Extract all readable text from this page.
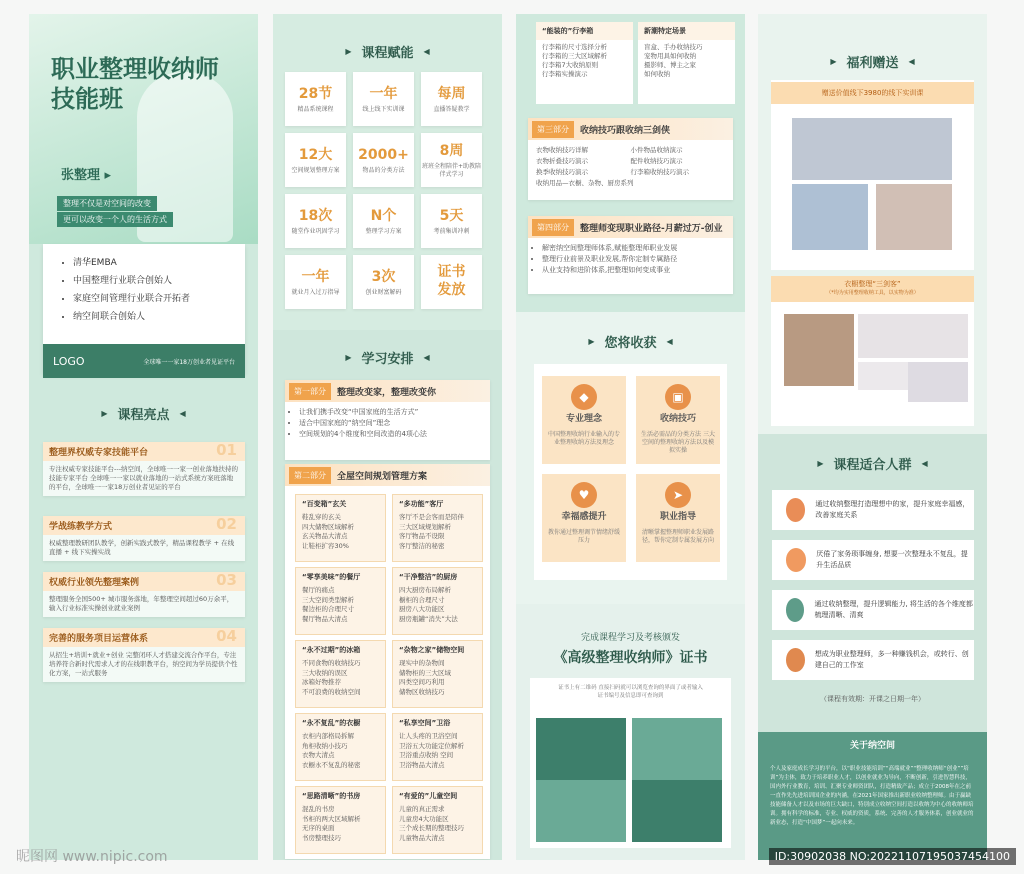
职业整理收纳师
技能班
张整理 ▸
整理不仅是对空间的改变
更可以改变一个人的生活方式
• 清华EMBA
• 中国整理行业联合创始人
• 家庭空间管理行业联合开拓者
• 纳空间联合创始人
LOGO	全球唯一一家18万创业者见证平台
▶ 课程亮点 ◀
整理界权威专家技能平台	01
专注权威专家技能平台---纳空间，全球唯一一家一创业落地扶持的技能专家平台 全球唯一一家以就业落地的一站式系统方案班落地的平台，全球唯一一家18万创业者见证的平台
学战练教学方式	02
权威整理教研团队教学，创新实践式教学，精品课程教学 + 在线直播 + 线下实操实战
权威行业领先整理案例	03
整理服务全国500+ 城市服务落地，年整理空间超过60万余平，输入行业标准实操创业就业案例
完善的服务项目运营体系	04
从招生+培训+就业+创业 完整闭环人才搭建交流合作平台，专注培养符合新时代需求人才的在线职教平台，纳空间为学员提供个性化方案，一站式服务
▶ 课程赋能 ◀
28节
精品系统课程
一年
线上线下实训课
每周
直播答疑教学
12大
空间规划整理方案
2000+
物品的分类方法
8周
班班全程陪伴+助教陪伴式学习
18次
随堂作业巩固学习
N个
整理学习方案
5天
考前集训冲刺
一年
就业月入过万指导
3次
创业财富解码
证书发放
▶ 学习安排 ◀
第一部分	整理改变家，整理改变你
• 让我们携手改变“中国家庭的生活方式”
• 适合中国家庭的“纳空间”理念
• 空间规划的4个维度和空间改造的4项心法
第二部分	全屋空间规划管理方案
“百变箱”玄关
鞋乱穿的玄关
四大储物区域解析
玄关物品大清点
让鞋柜扩容30%
“多功能”客厅
客厅不是会客而是陪伴
三大区域规划解析
客厅物品不设限
客厅整洁的秘密
“零享美味”的餐厅
餐厅的痛点
三大空间类型解析
餐边柜的合理尺寸
餐厅物品大清点
“干净整洁”的厨房
四大厨房布局解析
橱柜的合理尺寸
厨房八大功能区
厨房瓶罐“消失”大法
“永不过期”的冰箱
不同食物的收纳技巧
三大收纳的误区
冰箱好物推荐
不可浪费的收纳空间
“杂物之家”储物空间
现实中的杂物间
储物柜的三大区域
四类空间巧利用
储物区收纳技巧
“永不复乱”的衣橱
衣柜内部格局拆解
角柜收纳小技巧
衣物大清点
衣橱永不复乱的秘密
“私享空间”卫浴
让人头疼的卫浴空间
卫浴五大功能定位解析
卫浴重点收纳 空间
卫浴物品大清点
“思路清晰”的书房
混乱的书房
书柜的两大区域解析
无序的桌面
书房整理技巧
“有爱的”儿童空间
儿童的真正需求
儿童房4大功能区
三个成长期的整理技巧
儿童物品大清点
“能装的”行李箱
行李箱的尺寸选择分析
行李箱的三大区域解析
行李箱7大收纳原则
行李箱实操演示
新潮特定场景
盲盒、手办收纳技巧
宠物用具如何收纳
摄影师、博主之家
如何收纳
第三部分	收纳技巧跟收纳三剑侠
衣物收纳技巧详解	小件物品收纳演示
衣物折叠技巧演示	配件收纳技巧演示
换季收纳技巧演示	行李箱收纳技巧演示
收纳用品—衣橱、杂物、厨房系列
第四部分	整理师变现职业路径-月薪过万-创业
• 解密纳空间整理师体系,赋能整理师职业发展
• 整理行业前景及职业发展,帮你定制专属路径
• 从业支持和进阶体系,把整理如何变成事业
▶ 您将收获 ◀
◆
专业理念
中国整理收纳行业输入的专业整理收纳方法及理念
▣
收纳技巧
生活必需品的分类方法 三大空间的整理收纳方法以及模拟实操
♥
幸福感提升
教你通过整理调节情绪舒缓压力
➤
职业指导
清晰掌握整理师职业发展路径，帮你定制专属发展方向
完成课程学习及考核颁发
《高级整理收纳师》证书
证书上有二维码 直接扫码就可以浏览查询的界面了或者输入证书编号及信息即可查询到
▶ 福利赠送 ◀
赠送价值线下3980的线下实训课
衣橱整理“三剑客”
（*均为实用整理收纳工具，以实物为准）
▶ 课程适合人群 ◀
通过收纳整理打造理想中的家，提升家庭幸福感，改善家庭关系
厌倦了家务琐事缠身, 想要一次整理永不复乱，提升生活品质
通过收纳整理，提升逻辑能力, 将生活的各个维度都梳理清晰、清爽
想成为职业整理师，多一种赚钱机会，或转行、创建自己的工作室
（课程有效期：开课之日期一年）
关于纳空间
个人及家庭成长学习的平台，以“职业技能培训”“高端就业”“整理收纳师“创业””培训”为主体，致力于培养职业人才，以创业就业为导向，不断创新，引进智慧科技，国内外行业教育，培训、汇聚专业师资团队，打造精致产品；成立于2008年在之前一直作先先进培训国企业的内涵，在2021年国家推出新职业收纳整理师。由于赢缺技能储备人才以及市场的巨大缺口，特别成立收纳空间打造以收纳为中心的收纳师培训。拥有科学的标准，专业、权威的资质，系统、完善的人才服务体系，创业就业的新业态，打造“中国梦”一起向未来。
昵图网 www.nipic.com	ID:30902038 NO:20221107195037454100
